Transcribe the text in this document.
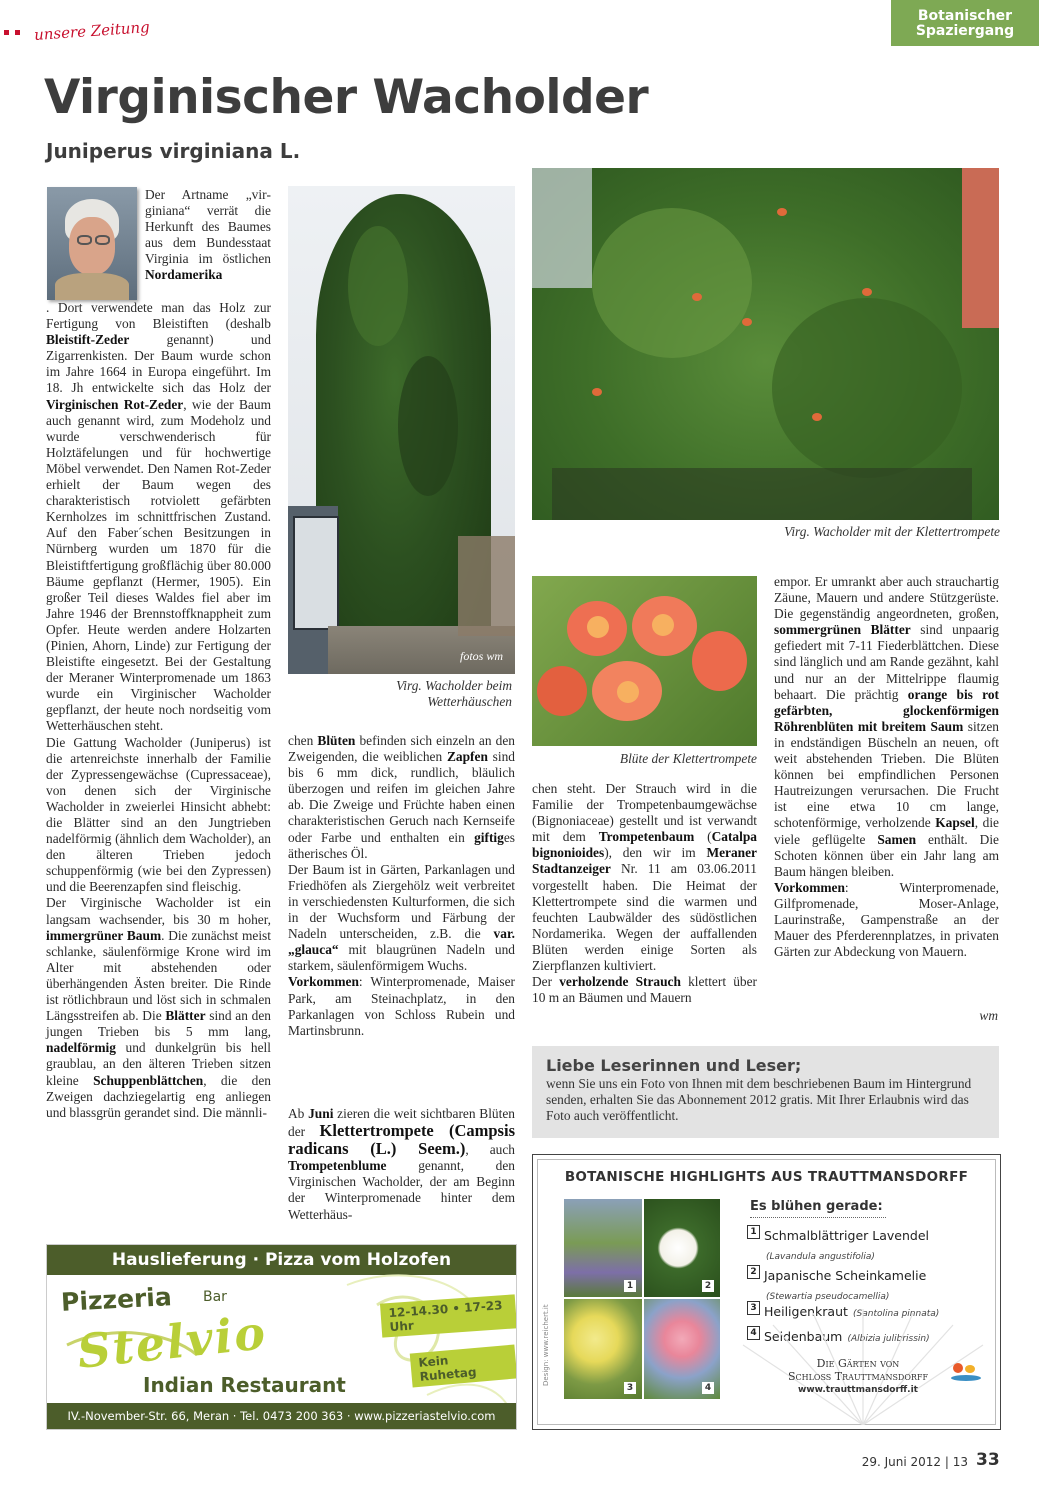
unsere Zeitung
Botanischer
Spaziergang
Virginischer Wacholder
Juniperus virginiana L.

Der Artname „virginiana“ verrät die Herkunft des Baumes aus dem Bundesstaat Virginia im östlichen Nordamerika

. Dort verwendete man das Holz zur Fertigung von Bleistiften (deshalb Bleistift-Zeder genannt) und Zigarrenkisten. Der Baum wurde schon im Jahre 1664 in Europa eingeführt. Im 18. Jh entwickelte sich das Holz der Virginischen Rot-Zeder, wie der Baum auch genannt wird, zum Modeholz und wurde verschwenderisch für Holztäfelungen und für hochwertige Möbel verwendet. Den Namen Rot-Zeder erhielt der Baum wegen des charakteristisch rotviolett gefärbten Kernholzes im schnittfrischen Zustand. Auf den Faber´schen Besitzungen in Nürnberg wurden um 1870 für die Bleistiftfertigung großflächig über 80.000 Bäume gepflanzt (Hermer, 1905). Ein großer Teil dieses Waldes fiel aber im Jahre 1946 der Brennstoffknappheit zum Opfer. Heute werden andere Holzarten (Pinien, Ahorn, Linde) zur Fertigung der Bleistifte eingesetzt. Bei der Gestaltung der Meraner Winterpromenade um 1863 wurde ein Virginischer Wacholder gepflanzt, der heute noch nordseitig vom Wetterhäuschen steht.

Die Gattung Wacholder (Juniperus) ist die artenreichste innerhalb der Familie der Zypressengewächse (Cupressaceae), von denen sich der Virginische Wacholder in zweierlei Hinsicht abhebt: die Blätter sind an den Jungtrieben nadelförmig (ähnlich dem Wacholder), an den älteren Trieben jedoch schuppenförmig (wie bei den Zypressen) und die Beerenzapfen sind fleischig.

Der Virginische Wacholder ist ein langsam wachsender, bis 30 m hoher, immergrüner Baum. Die zunächst meist schlanke, säulenförmige Krone wird im Alter mit abstehenden oder überhängenden Ästen breiter. Die Rinde ist rötlichbraun und löst sich in schmalen Längsstreifen ab. Die Blätter sind an den jungen Trieben bis 5 mm lang, nadelförmig und dunkelgrün bis hell graublau, an den älteren Trieben sitzen kleine Schuppenblättchen, die den Zweigen dachziegelartig eng anliegen und blassgrün gerandet sind. Die männli-

fotos wm
Virg. Wacholder beim Wetterhäuschen

chen Blüten befinden sich einzeln an den Zweigenden, die weiblichen Zapfen sind bis 6 mm dick, rundlich, bläulich überzogen und reifen im gleichen Jahre ab. Die Zweige und Früchte haben einen charakteristischen Geruch nach Kernseife oder Farbe und enthalten ein giftiges ätherisches Öl.

Der Baum ist in Gärten, Parkanlagen und Friedhöfen als Ziergehölz weit verbreitet in verschiedensten Kulturformen, die sich in der Wuchsform und Färbung der Nadeln unterscheiden, z.B. die var. „glauca“ mit blaugrünen Nadeln und starkem, säulenförmigem Wuchs.

Vorkommen: Winterpromenade, Maiser Park, am Steinachplatz, in den Parkanlagen von Schloss Rubein und Martinsbrunn.

Ab Juni zieren die weit sichtbaren Blüten der Klettertrompete (Campsis radicans (L.) Seem.), auch Trompetenblume genannt, den Virginischen Wacholder, der am Beginn der Winterpromenade hinter dem Wetterhäus-

Virg. Wacholder mit der Klettertrompete
Blüte der Klettertrompete

chen steht. Der Strauch wird in die Familie der Trompetenbaumgewächse (Bignoniaceae) gestellt und ist verwandt mit dem Trompetenbaum (Catalpa bignonioides), den wir im Meraner Stadtanzeiger Nr. 11 am 03.06.2011 vorgestellt haben. Die Heimat der Klettertrompete sind die warmen und feuchten Laubwälder des südöstlichen Nordamerika. Wegen der auffallenden Blüten werden einige Sorten als Zierpflanzen kultiviert.

Der verholzende Strauch klettert über 10 m an Bäumen und Mauern

empor. Er umrankt aber auch strauchartig Zäune, Mauern und andere Stützgerüste. Die gegenständig angeordneten, großen, sommergrünen Blätter sind unpaarig gefiedert mit 7-11 Fiederblättchen. Diese sind länglich und am Rande gezähnt, kahl und nur an der Mittelrippe flaumig behaart. Die prächtig orange bis rot gefärbten, glockenförmigen Röhrenblüten mit breitem Saum sitzen in endständigen Büscheln an neuen, oft weit abstehenden Trieben. Die Blüten können bei empfindlichen Personen Hautreizungen verursachen. Die Frucht ist eine etwa 10 cm lange, schotenförmige, verholzende Kapsel, die viele geflügelte Samen enthält. Die Schoten können über ein Jahr lang am Baum hängen bleiben.

Vorkommen: Winterpromenade, Gilfpromenade, Moser-Anlage, Laurinstraße, Gampenstraße an der Mauer des Pferderennplatzes, in privaten Gärten zur Abdeckung von Mauern.

wm
Liebe Leserinnen und Leser;
wenn Sie uns ein Foto von Ihnen mit dem beschriebenen Baum im Hintergrund senden, erhalten Sie das Abonnement 2012 gratis. Mit Ihrer Erlaubnis wird das Foto auch veröffentlicht.
Hauslieferung · Pizza vom Holzofen
Pizzeria Bar
Stelvio	12-14.30 • 17-23 Uhr
Kein Ruhetag
Indian Restaurant
IV.-November-Str. 66, Meran · Tel. 0473 200 363 · www.pizzeriastelvio.com
BOTANISCHE HIGHLIGHTS AUS TRAUTTMANSDORFF
Design: www.reichert.it
1	2
3	4
Es blühen gerade:
1 Schmalblättriger Lavendel
(Lavandula angustifolia)
2 Japanische Scheinkamelie
(Stewartia pseudocamellia)
3 Heiligenkraut (Santolina pinnata)
4 Seidenbaum (Albizia julibrissin)
Die Gärten von
Schloss Trauttmansdorff
www.trauttmansdorff.it
29. Juni 2012 | 13 33
